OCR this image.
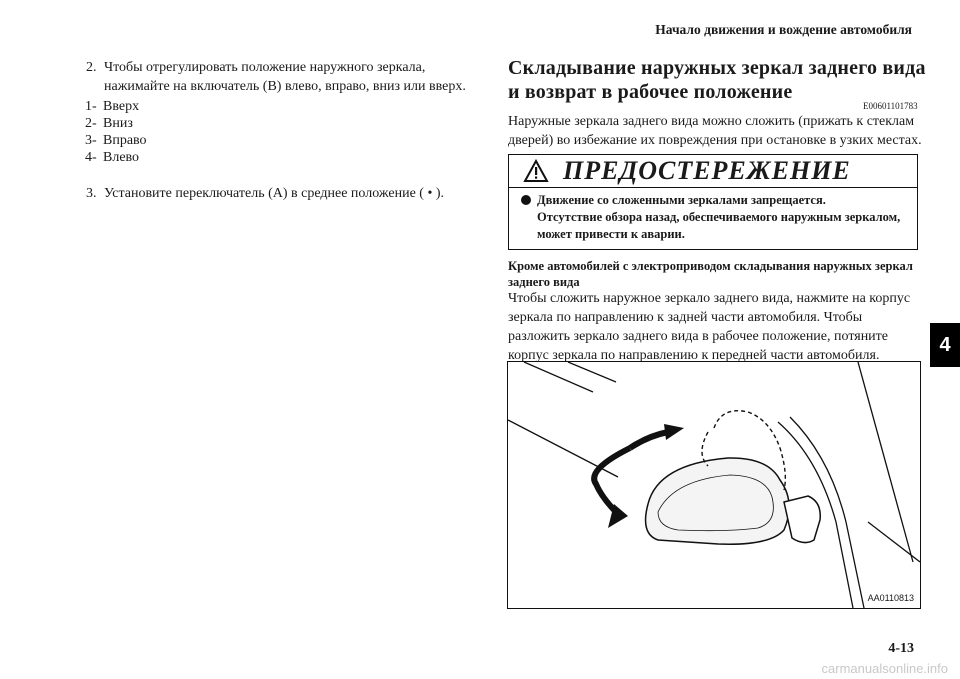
Начало движения и вождение автомобиля
2. Чтобы отрегулировать положение наружного зеркала,
нажимайте на включатель (B) влево, вправо, вниз или вверх.
1- Вверх
2- Вниз
3- Вправо
4- Влево
3. Установите переключатель (A) в среднее положение ( • ).
Складывание наружных зеркал заднего вида
и возврат в рабочее положение
E00601101783
Наружные зеркала заднего вида можно сложить (прижать к стеклам
дверей) во избежание их повреждения при остановке в узких местах.
ПРЕДОСТЕРЕЖЕНИЕ
Движение со сложенными зеркалами запрещается.
Отсутствие обзора назад, обеспечиваемого наружным зеркалом,
может привести к аварии.
Кроме автомобилей с электроприводом складывания наружных зеркал
заднего вида
Чтобы сложить наружное зеркало заднего вида, нажмите на корпус
зеркала по направлению к задней части автомобиля. Чтобы
разложить зеркало заднего вида в рабочее положение, потяните
корпус зеркала по направлению к передней части автомобиля.
AA0110813
4
4-13
carmanualsonline.info
